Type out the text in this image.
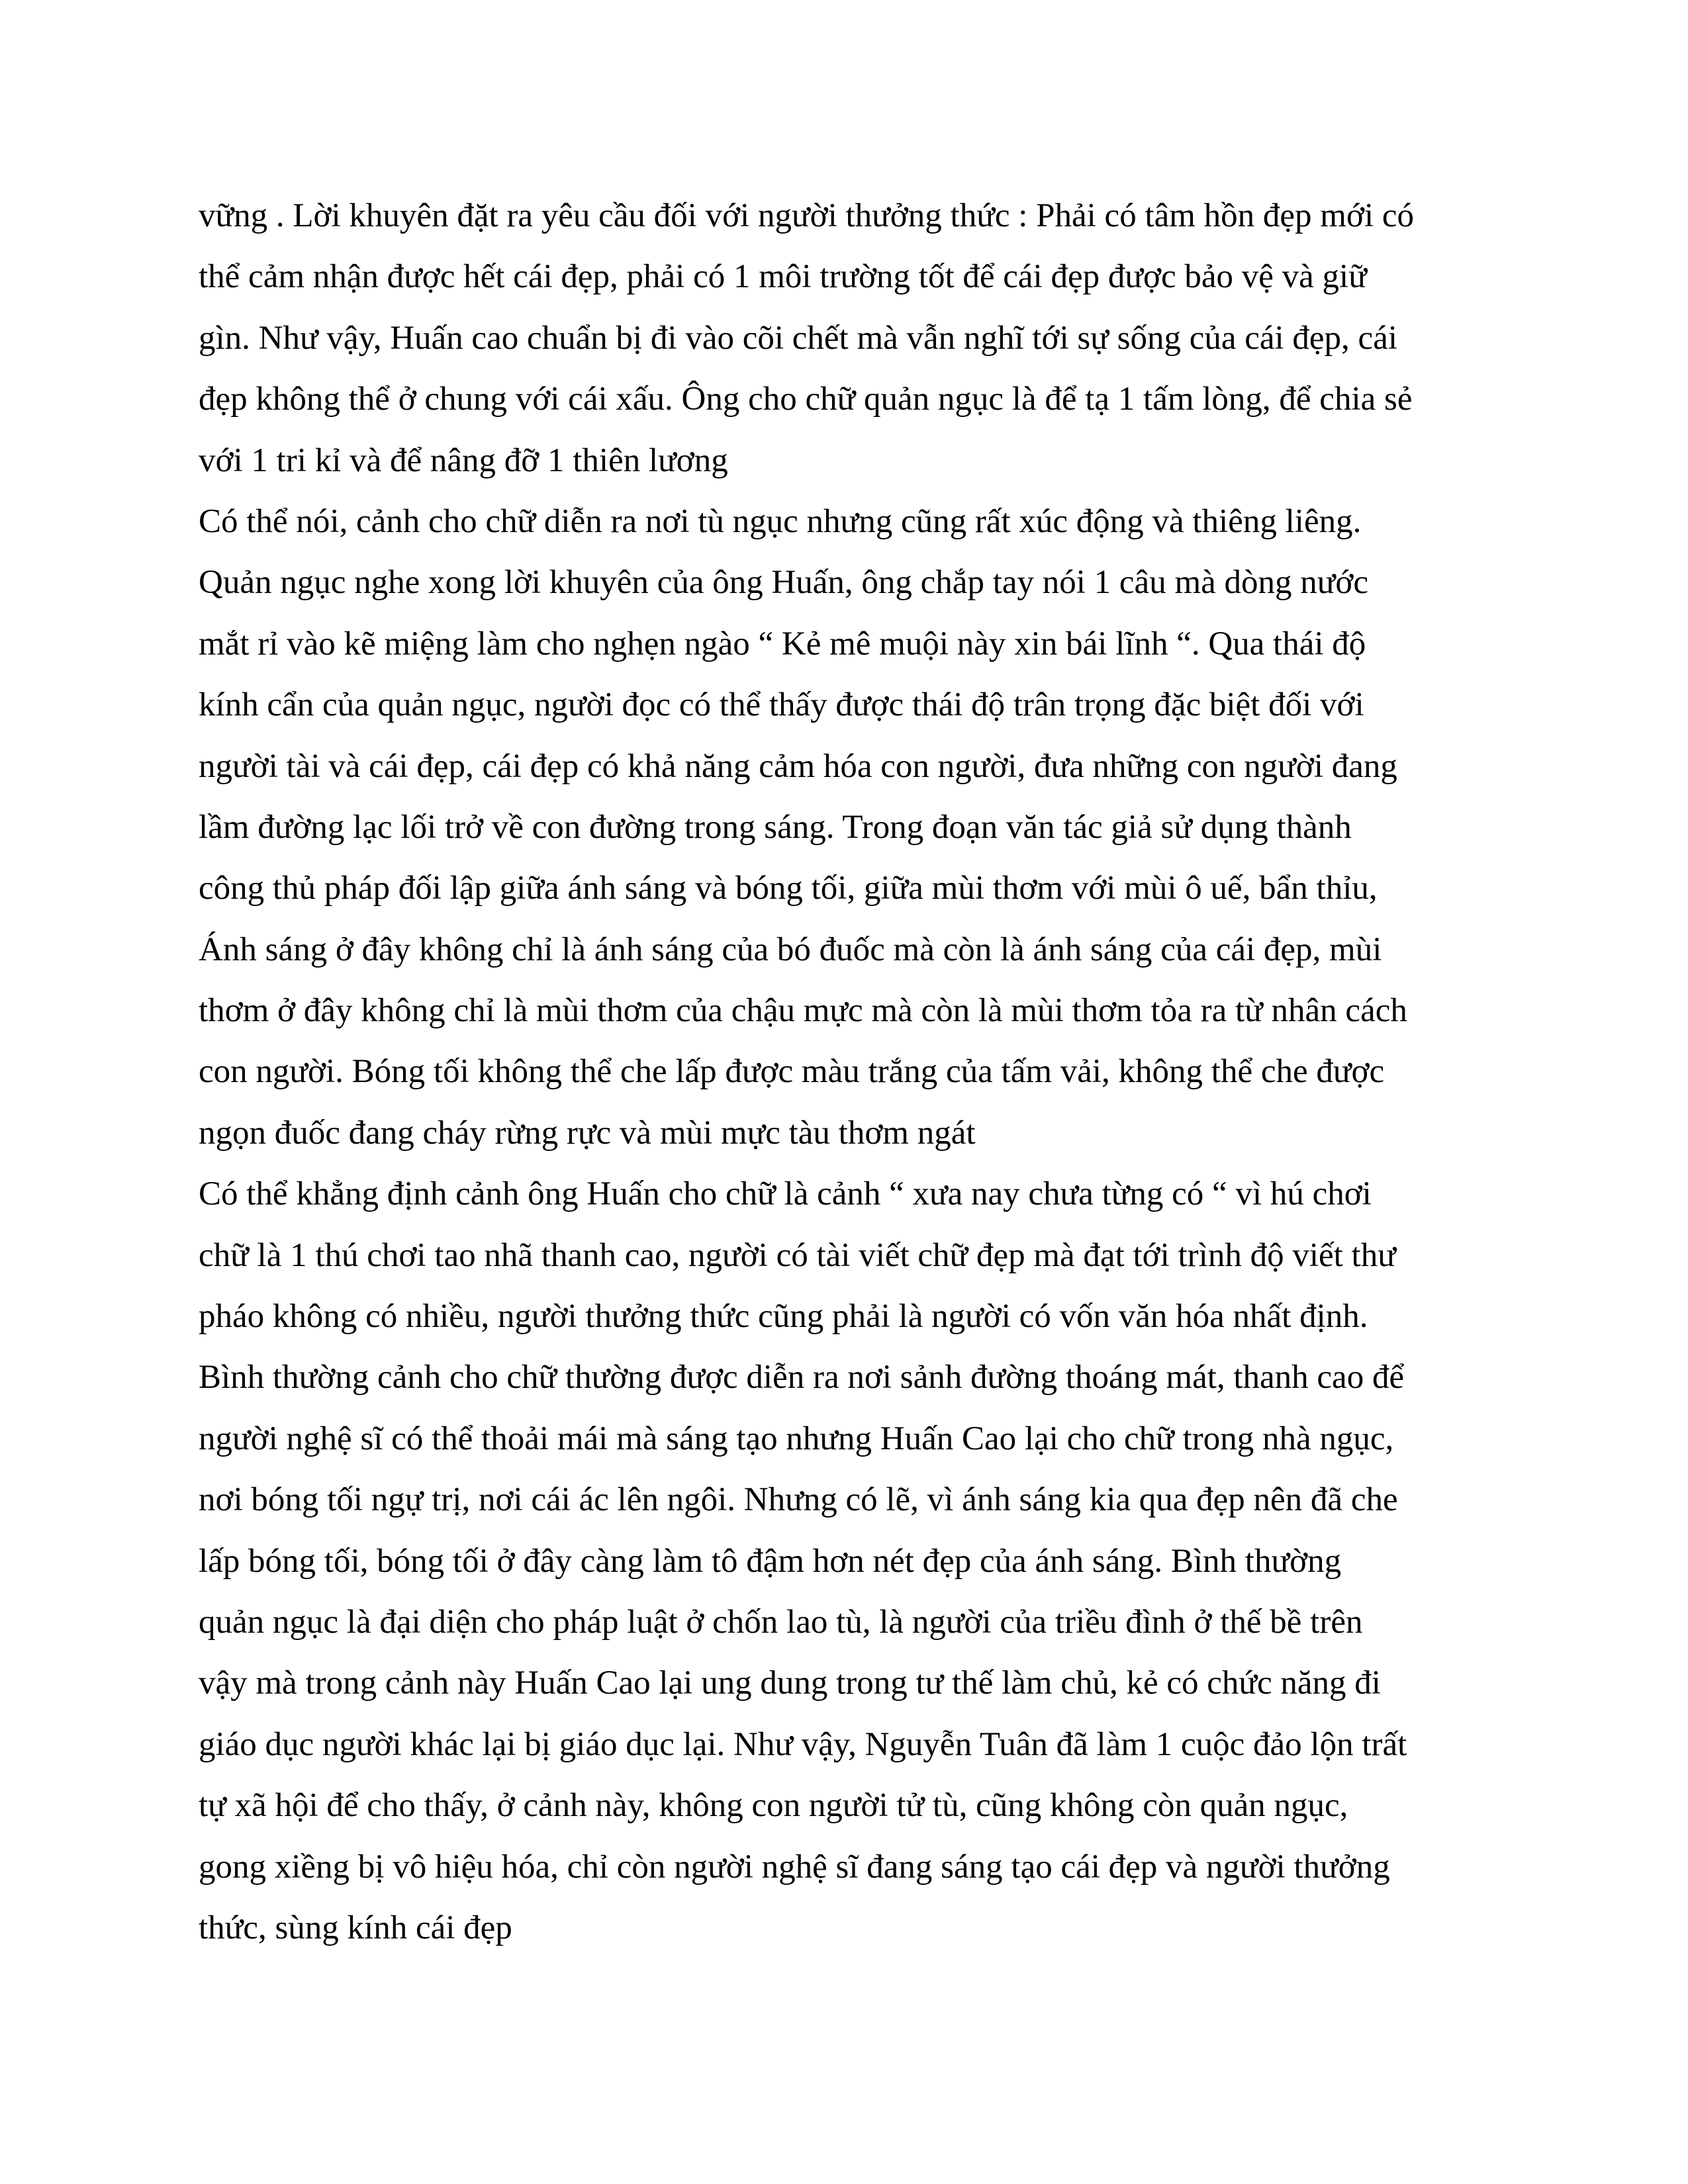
vững . Lời khuyên đặt ra yêu cầu đối với người thưởng thức : Phải có tâm hồn đẹp mới có
thể cảm nhận được hết cái đẹp, phải có 1 môi trường tốt để cái đẹp được bảo vệ và giữ
gìn. Như vậy, Huấn cao chuẩn bị đi vào cõi chết mà vẫn nghĩ tới sự sống của cái đẹp, cái
đẹp không thể ở chung với cái xấu. Ông cho chữ quản ngục là để tạ 1 tấm lòng, để chia sẻ
với 1 tri kỉ và để nâng đỡ 1 thiên lương
Có thể nói, cảnh cho chữ diễn ra nơi tù ngục nhưng cũng rất xúc động và thiêng liêng.
Quản ngục nghe xong lời khuyên của ông Huấn, ông chắp tay nói 1 câu mà dòng nước
mắt rỉ vào kẽ miệng làm cho nghẹn ngào “ Kẻ mê muội này xin bái lĩnh “. Qua thái độ
kính cẩn của quản ngục, người đọc có thể thấy được thái độ trân trọng đặc biệt đối với
người tài và cái đẹp, cái đẹp có khả năng cảm hóa con người, đưa những con người đang
lầm đường lạc lối trở về con đường trong sáng. Trong đoạn văn tác giả sử dụng thành
công thủ pháp đối lập giữa ánh sáng và bóng tối, giữa mùi thơm với mùi ô uế, bẩn thỉu,
Ánh sáng ở đây không chỉ là ánh sáng của bó đuốc mà còn là ánh sáng của cái đẹp, mùi
thơm ở đây không chỉ là mùi thơm của chậu mực mà còn là mùi thơm tỏa ra từ nhân cách
con người. Bóng tối không thể che lấp được màu trắng của tấm vải, không thể che được
ngọn đuốc đang cháy rừng rực và mùi mực tàu thơm ngát
Có thể khẳng định cảnh ông Huấn cho chữ là cảnh “ xưa nay chưa từng có “ vì hú chơi
chữ là 1 thú chơi tao nhã thanh cao, người có tài viết chữ đẹp mà đạt tới trình độ viết thư
pháo không có nhiều, người thưởng thức cũng phải là người có vốn văn hóa nhất định.
Bình thường cảnh cho chữ thường được diễn ra nơi sảnh đường thoáng mát, thanh cao để
người nghệ sĩ có thể thoải mái mà sáng tạo nhưng Huấn Cao lại cho chữ trong nhà ngục,
nơi bóng tối ngự trị, nơi cái ác lên ngôi. Nhưng có lẽ, vì ánh sáng kia qua đẹp nên đã che
lấp bóng tối, bóng tối ở đây càng làm tô đậm hơn nét đẹp của ánh sáng. Bình thường
quản ngục là đại diện cho pháp luật ở chốn lao tù, là người của triều đình ở thế bề trên
vậy mà trong cảnh này Huấn Cao lại ung dung trong tư thế làm chủ, kẻ có chức năng đi
giáo dục người khác lại bị giáo dục lại. Như vậy, Nguyễn Tuân đã làm 1 cuộc đảo lộn trất
tự xã hội để cho thấy, ở cảnh này, không con người tử tù, cũng không còn quản ngục,
gong xiềng bị vô hiệu hóa, chỉ còn người nghệ sĩ đang sáng tạo cái đẹp và người thưởng
thức, sùng kính cái đẹp
